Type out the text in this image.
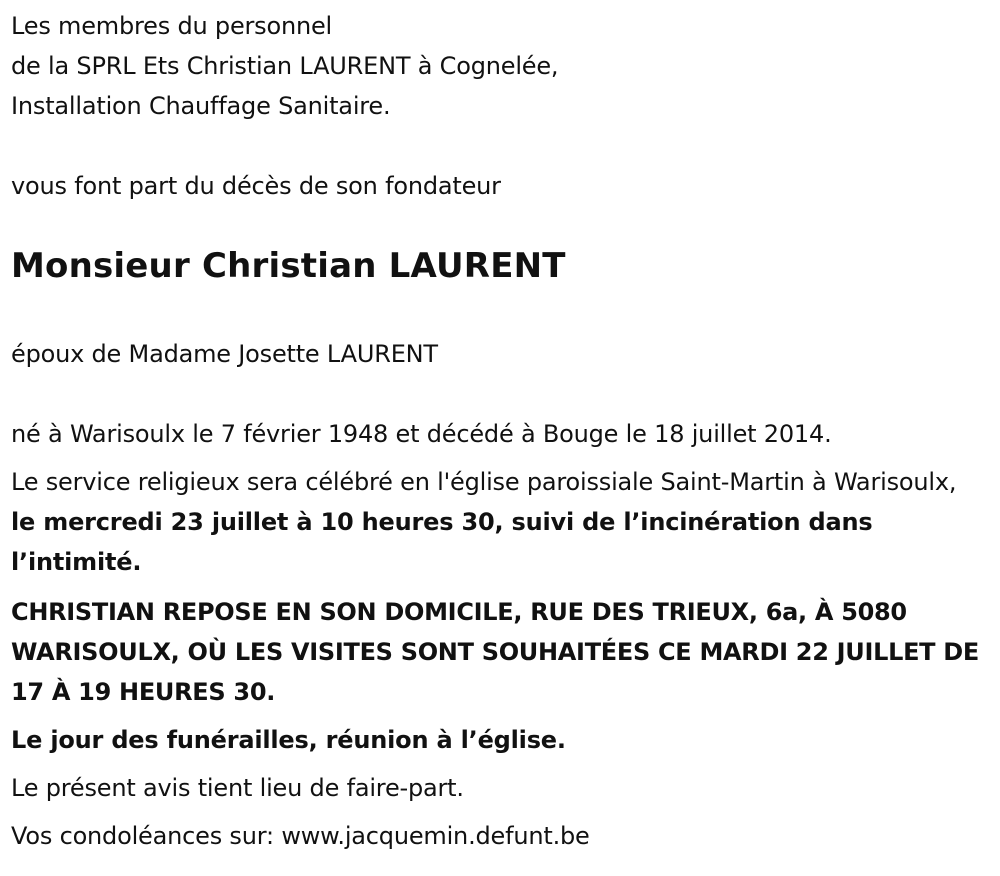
Les membres du personnel

de la SPRL Ets Christian LAURENT à Cognelée,

Installation Chauffage Sanitaire.

vous font part du décès de son fondateur

Monsieur Christian LAURENT

époux de Madame Josette LAURENT

né à Warisoulx le 7 février 1948 et décédé à Bouge le 18 juillet 2014.

Le service religieux sera célébré en l'église paroissiale Saint-Martin à Warisoulx, le mercredi 23 juillet à 10 heures 30, suivi de l’incinération dans l’intimité.

CHRISTIAN REPOSE EN SON DOMICILE, RUE DES TRIEUX, 6a, À 5080 WARISOULX, OÙ LES VISITES SONT SOUHAITÉES CE MARDI 22 JUILLET DE 17 À 19 HEURES 30.

Le jour des funérailles, réunion à l’église.

Le présent avis tient lieu de faire-part.

Vos condoléances sur: www.jacquemin.defunt.be
